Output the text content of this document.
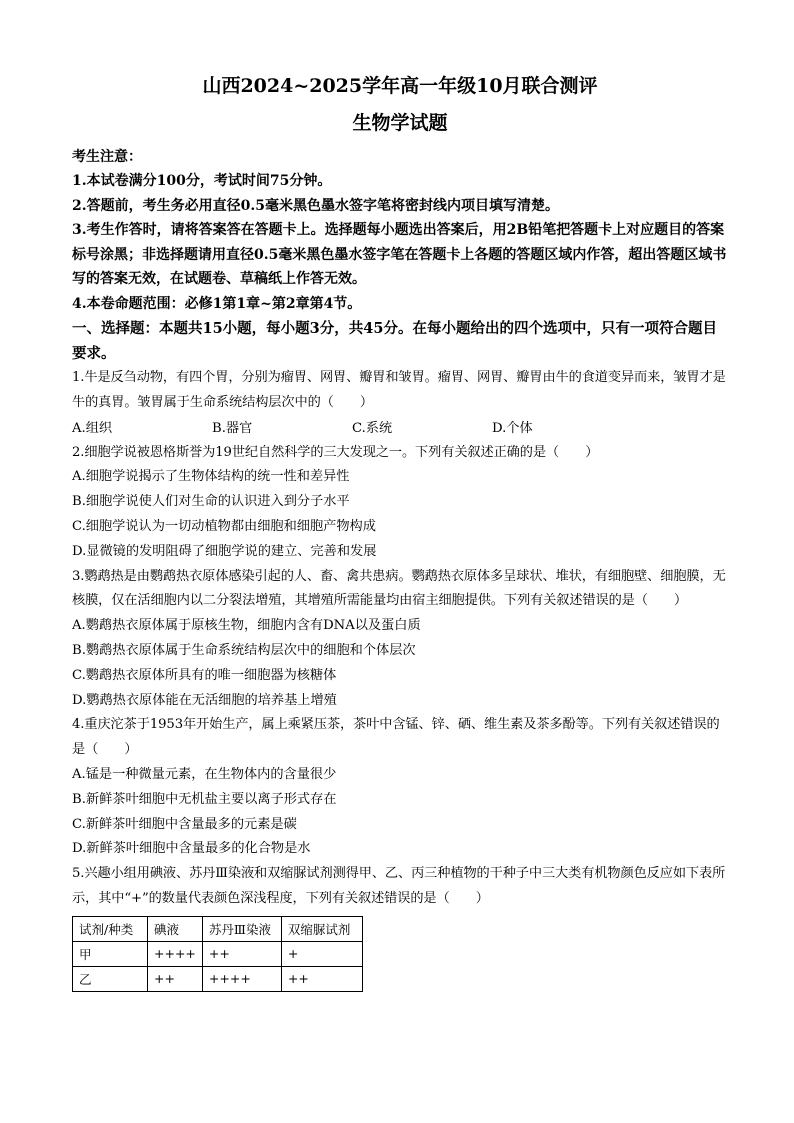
山西2024~2025学年高一年级10月联合测评

生物学试题

考生注意：

1.本试卷满分100分，考试时间75分钟。

2.答题前，考生务必用直径0.5毫米黑色墨水签字笔将密封线内项目填写清楚。

3.考生作答时，请将答案答在答题卡上。选择题每小题选出答案后，用2B铅笔把答题卡上对应题目的答案标号涂黑；非选择题请用直径0.5毫米黑色墨水签字笔在答题卡上各题的答题区域内作答，超出答题区域书写的答案无效，在试题卷、草稿纸上作答无效。

4.本卷命题范围：必修1第1章~第2章第4节。

一、选择题：本题共15小题，每小题3分，共45分。在每小题给出的四个选项中，只有一项符合题目要求。

1.牛是反刍动物，有四个胃，分别为瘤胃、网胃、瓣胃和皱胃。瘤胃、网胃、瓣胃由牛的食道变异而来，皱胃才是牛的真胃。皱胃属于生命系统结构层次中的（　　）

A.组织	B.器官	C.系统	D.个体

2.细胞学说被恩格斯誉为19世纪自然科学的三大发现之一。下列有关叙述正确的是（　　）

A.细胞学说揭示了生物体结构的统一性和差异性

B.细胞学说使人们对生命的认识进入到分子水平

C.细胞学说认为一切动植物都由细胞和细胞产物构成

D.显微镜的发明阻碍了细胞学说的建立、完善和发展

3.鹦鹉热是由鹦鹉热衣原体感染引起的人、畜、禽共患病。鹦鹉热衣原体多呈球状、堆状，有细胞壁、细胞膜，无核膜，仅在活细胞内以二分裂法增殖，其增殖所需能量均由宿主细胞提供。下列有关叙述错误的是（　　）

A.鹦鹉热衣原体属于原核生物，细胞内含有DNA以及蛋白质

B.鹦鹉热衣原体属于生命系统结构层次中的细胞和个体层次

C.鹦鹉热衣原体所具有的唯一细胞器为核糖体

D.鹦鹉热衣原体能在无活细胞的培养基上增殖

4.重庆沱茶于1953年开始生产，属上乘紧压茶，茶叶中含锰、锌、硒、维生素及茶多酚等。下列有关叙述错误的是（　　）

A.锰是一种微量元素，在生物体内的含量很少

B.新鲜茶叶细胞中无机盐主要以离子形式存在

C.新鲜茶叶细胞中含量最多的元素是碳

D.新鲜茶叶细胞中含量最多的化合物是水

5.兴趣小组用碘液、苏丹Ⅲ染液和双缩脲试剂测得甲、乙、丙三种植物的干种子中三大类有机物颜色反应如下表所示，其中“+”的数量代表颜色深浅程度，下列有关叙述错误的是（　　）

试剂/种类	碘液	苏丹Ⅲ染液	双缩脲试剂
甲	++++	++	+
乙	++	++++	++
